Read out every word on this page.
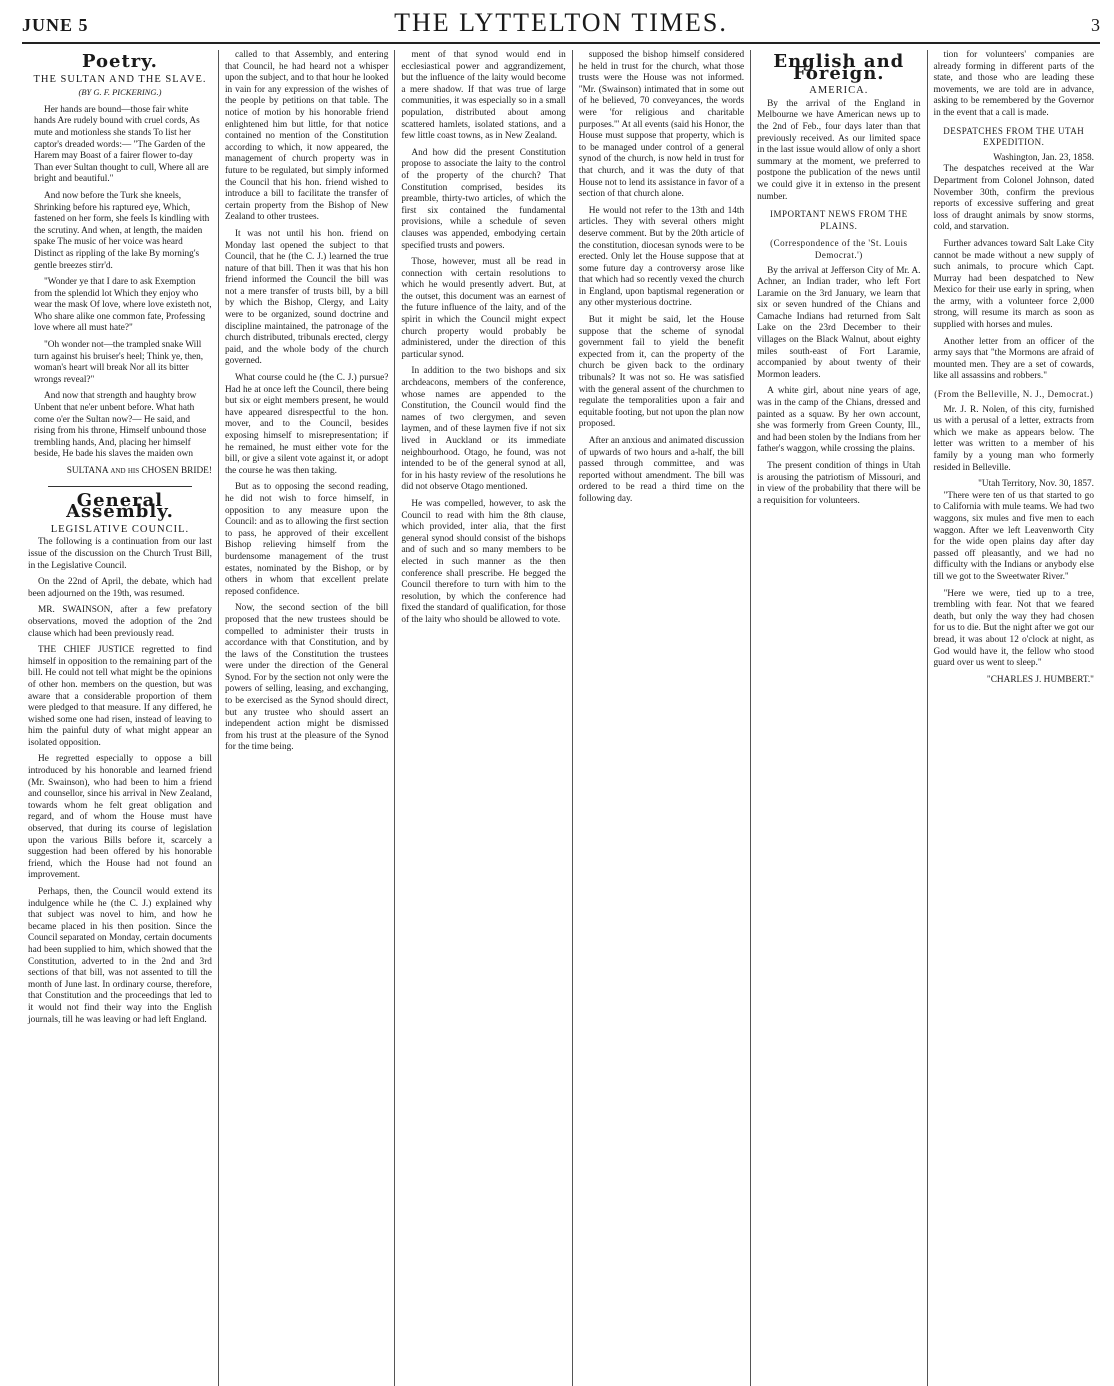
JUNE 5	THE LYTTELTON TIMES.	3
Poetry.
THE SULTAN AND THE SLAVE.
(BY G. F. PICKERING.)

Her hands are bound—those fair white hands Are rudely bound with cruel cords, As mute and motionless she stands To list her captor's dreaded words:— "The Garden of the Harem may Boast of a fairer flower to-day Than ever Sultan thought to cull, Where all are bright and beautiful."

And now before the Turk she kneels, Shrinking before his raptured eye, Which, fastened on her form, she feels Is kindling with the scrutiny. And when, at length, the maiden spake The music of her voice was heard Distinct as rippling of the lake By morning's gentle breezes stirr'd.

"Wonder ye that I dare to ask Exemption from the splendid lot Which they enjoy who wear the mask Of love, where love existeth not, Who share alike one common fate, Professing love where all must hate?"

"Oh wonder not—the trampled snake Will turn against his bruiser's heel; Think ye, then, woman's heart will break Nor all its bitter wrongs reveal?"

And now that strength and haughty brow Unbent that ne'er unbent before. What hath come o'er the Sultan now?— He said, and rising from his throne, Himself unbound those trembling hands, And, placing her himself beside, He bade his slaves the maiden own

SULTANA and his CHOSEN BRIDE!
General Assembly.
LEGISLATIVE COUNCIL.

The following is a continuation from our last issue of the discussion on the Church Trust Bill, in the Legislative Council.

On the 22nd of April, the debate, which had been adjourned on the 19th, was resumed.

MR. SWAINSON, after a few prefatory observations, moved the adoption of the 2nd clause which had been previously read.

THE CHIEF JUSTICE regretted to find himself in opposition to the remaining part of the bill. He could not tell what might be the opinions of other hon. members on the question, but was aware that a considerable proportion of them were pledged to that measure. If any differed, he wished some one had risen, instead of leaving to him the painful duty of what might appear an isolated opposition.

He regretted especially to oppose a bill introduced by his honorable and learned friend (Mr. Swainson), who had been to him a friend and counsellor, since his arrival in New Zealand, towards whom he felt great obligation and regard, and of whom the House must have observed, that during its course of legislation upon the various Bills before it, scarcely a suggestion had been offered by his honorable friend, which the House had not found an improvement.

Perhaps, then, the Council would extend its indulgence while he (the C. J.) explained why that subject was novel to him, and how he became placed in his then position. Since the Council separated on Monday, certain documents had been supplied to him, which showed that the Constitution, adverted to in the 2nd and 3rd sections of that bill, was not assented to till the month of June last. In ordinary course, therefore, that Constitution and the proceedings that led to it would not find their way into the English journals, till he was leaving or had left England.

called to that Assembly, and entering that Council, he had heard not a whisper upon the subject, and to that hour he looked in vain for any expression of the wishes of the people by petitions on that table. The notice of motion by his honorable friend enlightened him but little, for that notice contained no mention of the Constitution according to which, it now appeared, the management of church property was in future to be regulated, but simply informed the Council that his hon. friend wished to introduce a bill to facilitate the transfer of certain property from the Bishop of New Zealand to other trustees.

It was not until his hon. friend on Monday last opened the subject to that Council, that he (the C. J.) learned the true nature of that bill. Then it was that his hon friend informed the Council the bill was not a mere transfer of trusts bill, by a bill by which the Bishop, Clergy, and Laity were to be organized, sound doctrine and discipline maintained, the patronage of the church distributed, tribunals erected, clergy paid, and the whole body of the church governed.

What course could he (the C. J.) pursue? Had he at once left the Council, there being but six or eight members present, he would have appeared disrespectful to the hon. mover, and to the Council, besides exposing himself to misrepresentation; if he remained, he must either vote for the bill, or give a silent vote against it, or adopt the course he was then taking.

But as to opposing the second reading, he did not wish to force himself, in opposition to any measure upon the Council: and as to allowing the first section to pass, he approved of their excellent Bishop relieving himself from the burdensome management of the trust estates, nominated by the Bishop, or by others in whom that excellent prelate reposed confidence.

Now, the second section of the bill proposed that the new trustees should be compelled to administer their trusts in accordance with that Constitution, and by the laws of the Constitution the trustees were under the direction of the General Synod. For by the section not only were the powers of selling, leasing, and exchanging, to be exercised as the Synod should direct, but any trustee who should assert an independent action might be dismissed from his trust at the pleasure of the Synod for the time being.

ment of that synod would end in ecclesiastical power and aggrandizement, but the influence of the laity would become a mere shadow. If that was true of large communities, it was especially so in a small population, distributed about among scattered hamlets, isolated stations, and a few little coast towns, as in New Zealand.

And how did the present Constitution propose to associate the laity to the control of the property of the church? That Constitution comprised, besides its preamble, thirty-two articles, of which the first six contained the fundamental provisions, while a schedule of seven clauses was appended, embodying certain specified trusts and powers.

Those, however, must all be read in connection with certain resolutions to which he would presently advert. But, at the outset, this document was an earnest of the future influence of the laity, and of the spirit in which the Council might expect church property would probably be administered, under the direction of this particular synod.

In addition to the two bishops and six archdeacons, members of the conference, whose names are appended to the Constitution, the Council would find the names of two clergymen, and seven laymen, and of these laymen five if not six lived in Auckland or its immediate neighbourhood. Otago, he found, was not intended to be of the general synod at all, for in his hasty review of the resolutions he did not observe Otago mentioned.

He was compelled, however, to ask the Council to read with him the 8th clause, which provided, inter alia, that the first general synod should consist of the bishops and of such and so many members to be elected in such manner as the then conference shall prescribe. He begged the Council therefore to turn with him to the resolution, by which the conference had fixed the standard of qualification, for those of the laity who should be allowed to vote.

supposed the bishop himself considered he held in trust for the church, what those trusts were the House was not informed. "Mr. (Swainson) intimated that in some out of he believed, 70 conveyances, the words were 'for religious and charitable purposes.'" At all events (said his Honor, the House must suppose that property, which is to be managed under control of a general synod of the church, is now held in trust for that church, and it was the duty of that House not to lend its assistance in favor of a section of that church alone.

He would not refer to the 13th and 14th articles. They with several others might deserve comment. But by the 20th article of the constitution, diocesan synods were to be erected. Only let the House suppose that at some future day a controversy arose like that which had so recently vexed the church in England, upon baptismal regeneration or any other mysterious doctrine.

But it might be said, let the House suppose that the scheme of synodal government fail to yield the benefit expected from it, can the property of the church be given back to the ordinary tribunals? It was not so. He was satisfied with the general assent of the churchmen to regulate the temporalities upon a fair and equitable footing, but not upon the plan now proposed.

After an anxious and animated discussion of upwards of two hours and a-half, the bill passed through committee, and was reported without amendment. The bill was ordered to be read a third time on the following day.

English and Foreign.
AMERICA.

By the arrival of the England in Melbourne we have American news up to the 2nd of Feb., four days later than that previously received. As our limited space in the last issue would allow of only a short summary at the moment, we preferred to postpone the publication of the news until we could give it in extenso in the present number.

IMPORTANT NEWS FROM THE PLAINS.
(Correspondence of the 'St. Louis Democrat.')

By the arrival at Jefferson City of Mr. A. Achner, an Indian trader, who left Fort Laramie on the 3rd January, we learn that six or seven hundred of the Chians and Camache Indians had returned from Salt Lake on the 23rd December to their villages on the Black Walnut, about eighty miles south-east of Fort Laramie, accompanied by about twenty of their Mormon leaders.

A white girl, about nine years of age, was in the camp of the Chians, dressed and painted as a squaw. By her own account, she was formerly from Green County, Ill., and had been stolen by the Indians from her father's waggon, while crossing the plains.

The present condition of things in Utah is arousing the patriotism of Missouri, and in view of the probability that there will be a requisition for volunteers.

tion for volunteers' companies are already forming in different parts of the state, and those who are leading these movements, we are told are in advance, asking to be remembered by the Governor in the event that a call is made.

DESPATCHES FROM THE UTAH EXPEDITION.
Washington, Jan. 23, 1858.

The despatches received at the War Department from Colonel Johnson, dated November 30th, confirm the previous reports of excessive suffering and great loss of draught animals by snow storms, cold, and starvation.

Further advances toward Salt Lake City cannot be made without a new supply of such animals, to procure which Capt. Murray had been despatched to New Mexico for their use early in spring, when the army, with a volunteer force 2,000 strong, will resume its march as soon as supplied with horses and mules.

Another letter from an officer of the army says that "the Mormons are afraid of mounted men. They are a set of cowards, like all assassins and robbers."

(From the Belleville, N. J., Democrat.)

Mr. J. R. Nolen, of this city, furnished us with a perusal of a letter, extracts from which we make as appears below. The letter was written to a member of his family by a young man who formerly resided in Belleville.

"Utah Territory, Nov. 30, 1857.

"There were ten of us that started to go to California with mule teams. We had two waggons, six mules and five men to each waggon. After we left Leavenworth City for the wide open plains day after day passed off pleasantly, and we had no difficulty with the Indians or anybody else till we got to the Sweetwater River."

"Here we were, tied up to a tree, trembling with fear. Not that we feared death, but only the way they had chosen for us to die. But the night after we got our bread, it was about 12 o'clock at night, as God would have it, the fellow who stood guard over us went to sleep."

"CHARLES J. HUMBERT."
